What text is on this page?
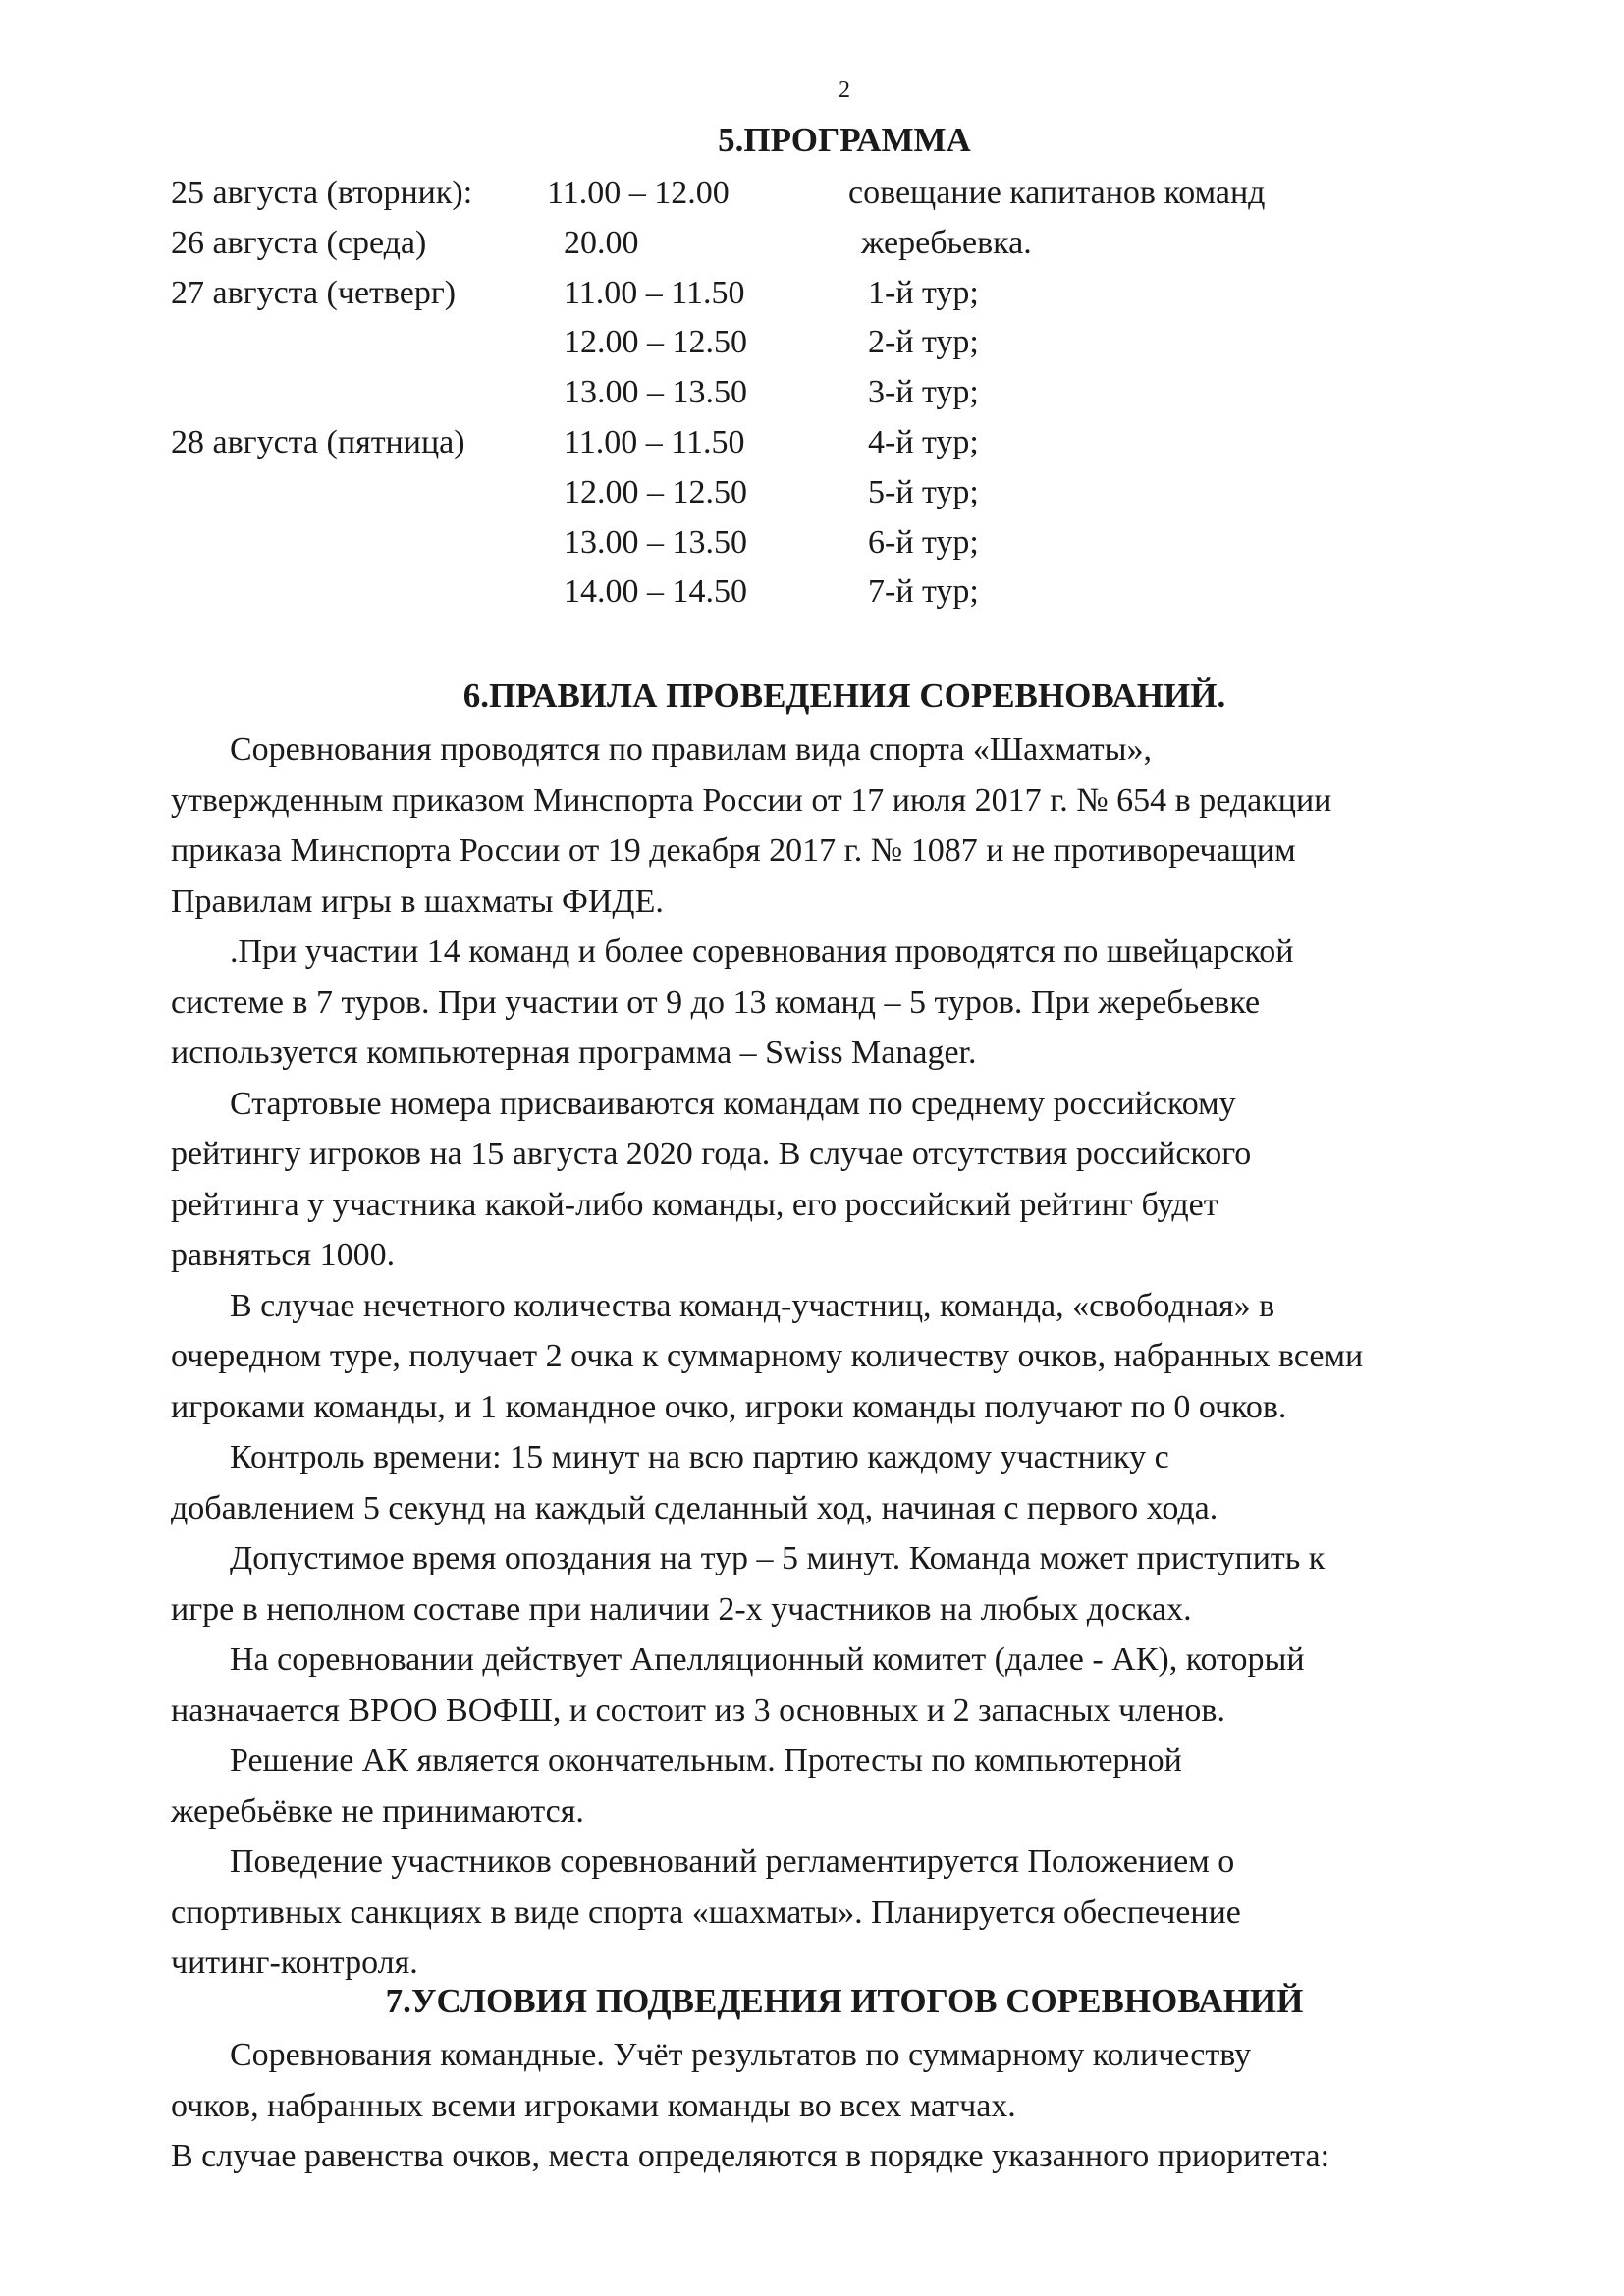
2
5.ПРОГРАММА
25 августа (вторник): 11.00 – 12.00	совещание капитанов команд
26 августа (среда)	20.00	жеребьевка.
27 августа (четверг)	11.00 – 11.50	1-й тур;
12.00 – 12.50	2-й тур;
13.00 – 13.50	3-й тур;
28 августа (пятница)	11.00 – 11.50	4-й тур;
12.00 – 12.50	5-й тур;
13.00 – 13.50	6-й тур;
14.00 – 14.50	7-й тур;
6.ПРАВИЛА ПРОВЕДЕНИЯ СОРЕВНОВАНИЙ.
Соревнования проводятся по правилам вида спорта «Шахматы»,
утвержденным приказом Минспорта России от 17 июля 2017 г. № 654 в редакции
приказа Минспорта России от 19 декабря 2017 г. № 1087 и не противоречащим
Правилам игры в шахматы ФИДЕ.
.При участии 14 команд и более соревнования проводятся по швейцарской
системе в 7 туров. При участии от 9 до 13 команд – 5 туров. При жеребьевке
используется компьютерная программа – Swiss Manager.
Стартовые номера присваиваются командам по среднему российскому
рейтингу игроков на 15 августа 2020 года. В случае отсутствия российского
рейтинга у участника какой-либо команды, его российский рейтинг будет
равняться 1000.
В случае нечетного количества команд-участниц, команда, «свободная» в
очередном туре, получает 2 очка к суммарному количеству очков, набранных всеми
игроками команды, и 1 командное очко, игроки команды получают по 0 очков.
Контроль времени: 15 минут на всю партию каждому участнику с
добавлением 5 секунд на каждый сделанный ход, начиная с первого хода.
Допустимое время опоздания на тур – 5 минут. Команда может приступить к
игре в неполном составе при наличии 2-х участников на любых досках.
На соревновании действует Апелляционный комитет (далее - АК), который
назначается ВРОО ВОФШ, и состоит из 3 основных и 2 запасных членов.
Решение АК является окончательным. Протесты по компьютерной
жеребьёвке не принимаются.
Поведение участников соревнований регламентируется Положением о
спортивных санкциях в виде спорта «шахматы». Планируется обеспечение
читинг-контроля.
7.УСЛОВИЯ ПОДВЕДЕНИЯ ИТОГОВ СОРЕВНОВАНИЙ
Соревнования командные. Учёт результатов по суммарному количеству
очков, набранных всеми игроками команды во всех матчах.
В случае равенства очков, места определяются в порядке указанного приоритета:
